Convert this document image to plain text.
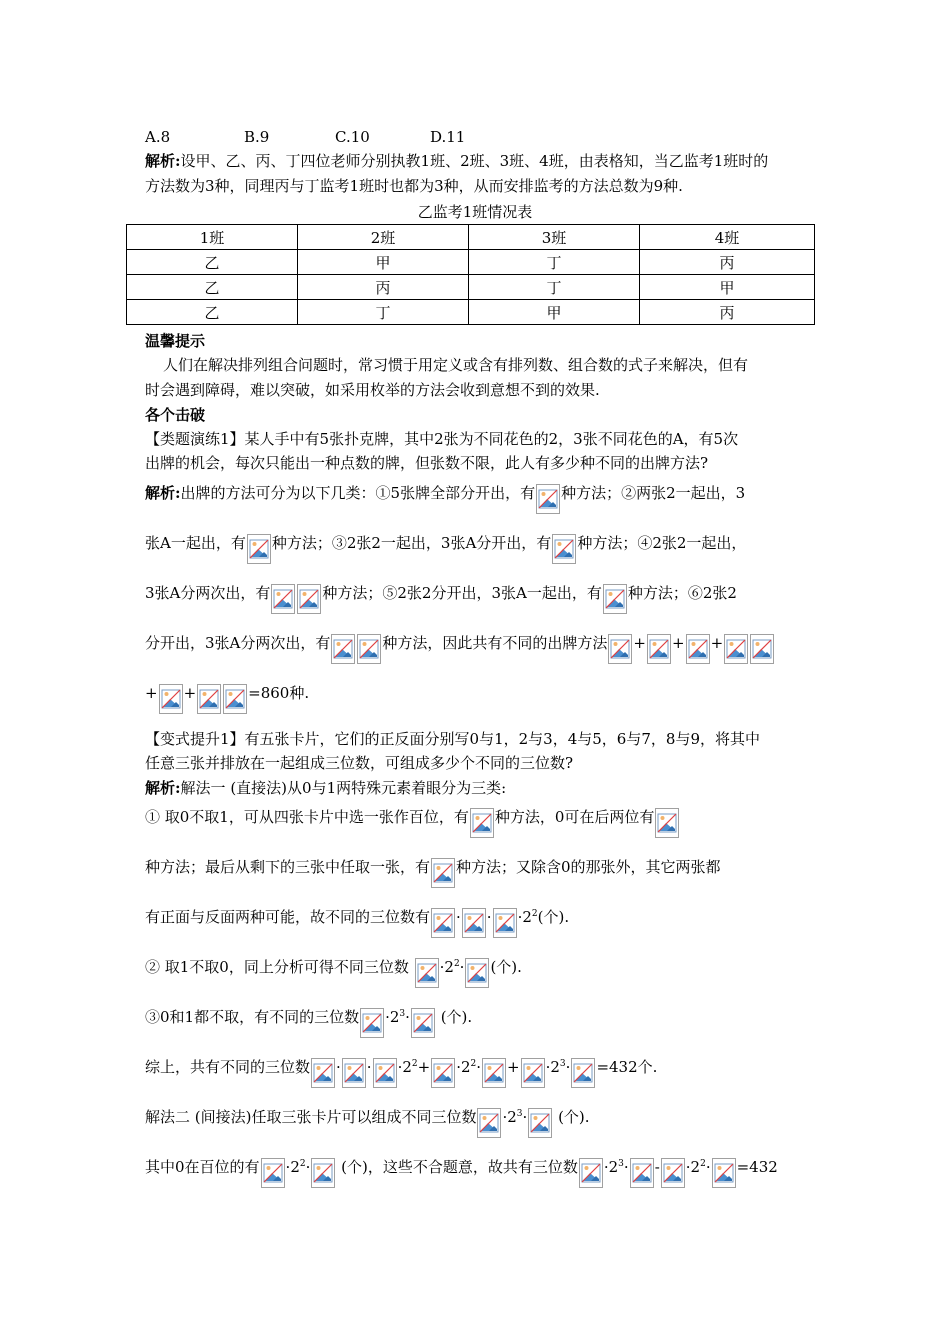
A.8	B.9	C.10	D.11
解析:设甲、乙、丙、丁四位老师分别执教1班、2班、3班、4班，由表格知，当乙监考1班时的
方法数为3种，同理丙与丁监考1班时也都为3种，从而安排监考的方法总数为9种.
乙监考1班情况表
1班	2班	3班	4班
乙	甲	丁	丙
乙	丙	丁	甲
乙	丁	甲	丙
温馨提示
人们在解决排列组合问题时，常习惯于用定义或含有排列数、组合数的式子来解决，但有
时会遇到障碍，难以突破，如采用枚举的方法会收到意想不到的效果.
各个击破
【类题演练1】某人手中有5张扑克牌，其中2张为不同花色的2，3张不同花色的A，有5次
出牌的机会，每次只能出一种点数的牌，但张数不限，此人有多少种不同的出牌方法?
解析:出牌的方法可分为以下几类：①5张牌全部分开出，有 种方法；②两张2一起出，3
张A一起出，有 种方法；③2张2一起出，3张A分开出，有 种方法；④2张2一起出，
3张A分两次出，有	种方法；⑤2张2分开出，3张A一起出，有 种方法；⑥2张2
分开出，3张A分两次出，有	种方法，因此共有不同的出牌方法 + + +
+ +	=860种.
【变式提升1】有五张卡片，它们的正反面分别写0与1，2与3，4与5，6与7，8与9，将其中
任意三张并排放在一起组成三位数，可组成多少个不同的三位数?
解析:解法一 (直接法)从0与1两特殊元素着眼分为三类:
① 取0不取1，可从四张卡片中选一张作百位，有 种方法，0可在后两位有
种方法；最后从剩下的三张中任取一张，有 种方法；又除含0的那张外，其它两张都
有正面与反面两种可能，故不同的三位数有 · · $\cdot 2^2$(个).
② 取1不取0，同上分析可得不同三位数
$\cdot 2^2\cdot$ (个).
③0和1都不取，有不同的三位数 $\cdot 2^3\cdot$
(个).
综上，共有不同的三位数 · · $\cdot 2^2+ \cdot 2^2\cdot + \cdot 2^3\cdot =432$个.
解法二 (间接法)任取三张卡片可以组成不同三位数 $\cdot 2^3\cdot$
(个).
其中0在百位的有 $\cdot 2^2\cdot$
(个)，这些不合题意，故共有三位数 $\cdot 2^3\cdot - \cdot 2^2\cdot =432$
